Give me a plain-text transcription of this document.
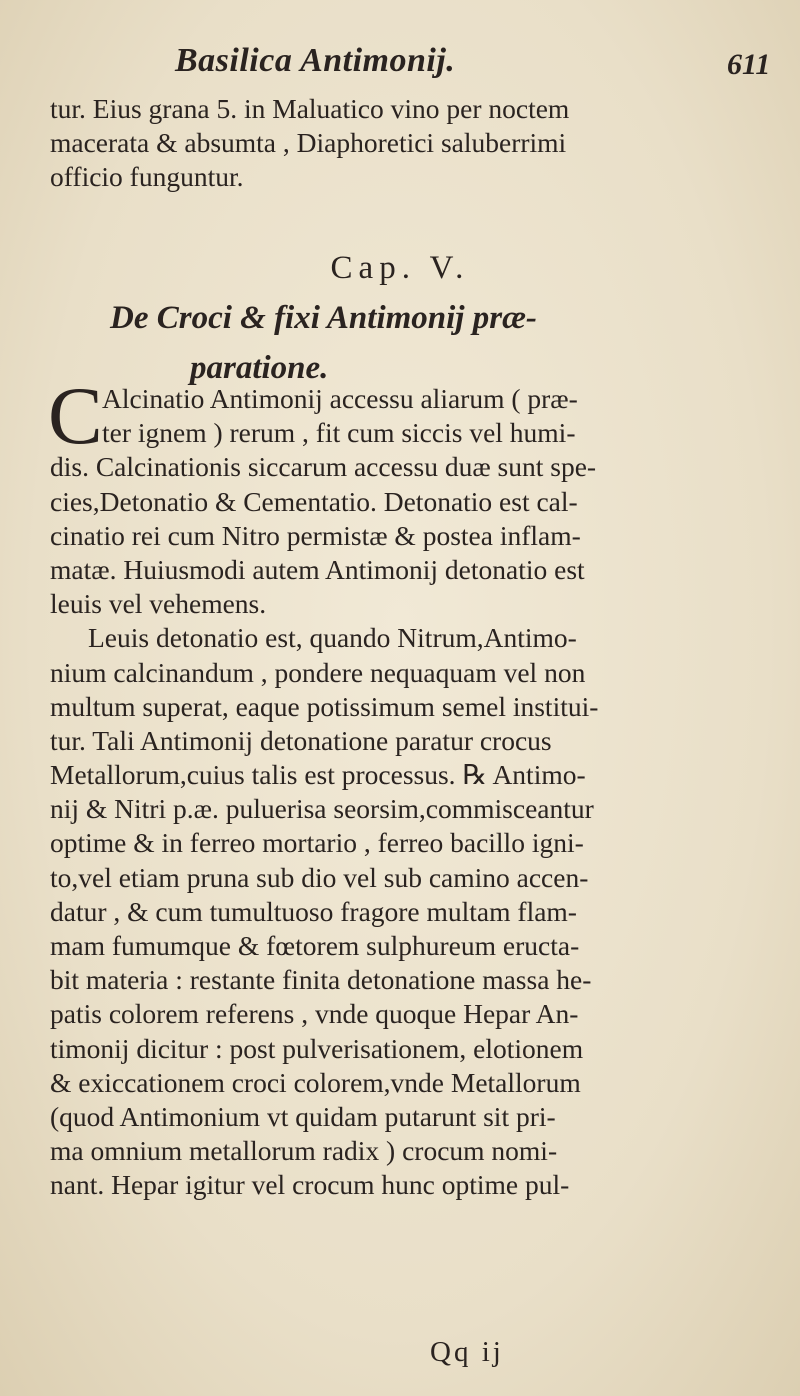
Basilica Antimonij.	611
tur. Eius grana 5. in Maluatico vino per noctem
macerata & absumta , Diaphoretici saluberrimi
officio funguntur.
Cap. V.
De Croci & fixi Antimonij præ-
paratione.
C Alcinatio Antimonij accessu aliarum ( præ-
ter ignem ) rerum , fit cum siccis vel humi-
dis. Calcinationis siccarum accessu duæ sunt spe-
cies,Detonatio & Cementatio. Detonatio est cal-
cinatio rei cum Nitro permistæ & postea inflam-
matæ. Huiusmodi autem Antimonij detonatio est
leuis vel vehemens.
Leuis detonatio est, quando Nitrum,Antimo-
nium calcinandum , pondere nequaquam vel non
multum superat, eaque potissimum semel institui-
tur. Tali Antimonij detonatione paratur crocus
Metallorum,cuius talis est processus. ℞ Antimo-
nij & Nitri p.æ. puluerisa seorsim,commisceantur
optime & in ferreo mortario , ferreo bacillo igni-
to,vel etiam pruna sub dio vel sub camino accen-
datur , & cum tumultuoso fragore multam flam-
mam fumumque & fœtorem sulphureum eructa-
bit materia : restante finita detonatione massa he-
patis colorem referens , vnde quoque Hepar An-
timonij dicitur : post pulverisationem, elotionem
& exiccationem croci colorem,vnde Metallorum
(quod Antimonium vt quidam putarunt sit pri-
ma omnium metallorum radix ) crocum nomi-
nant. Hepar igitur vel crocum hunc optime pul-
Qq ij
